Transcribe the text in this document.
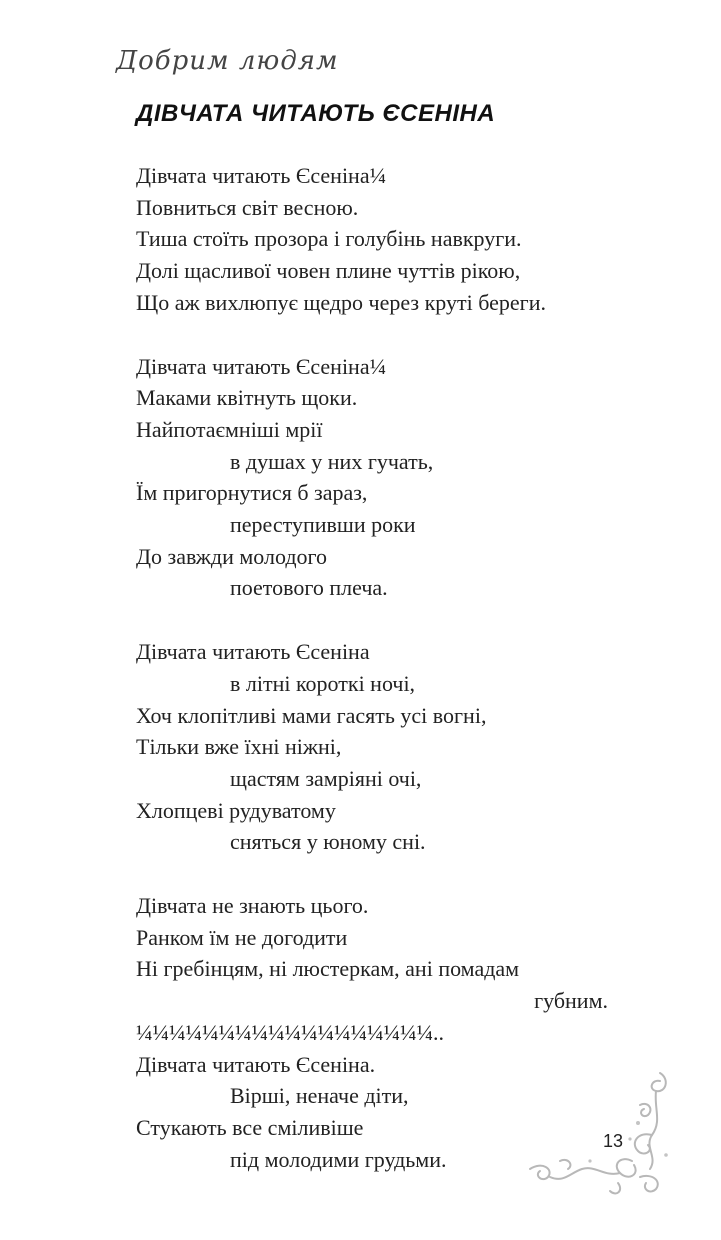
Добрим людям
ДІВЧАТА ЧИТАЮТЬ ЄСЕНІНА
Дівчата читають Єсеніна¼
Повниться світ весною.
Тиша стоїть прозора і голубінь навкруги.
Долі щасливої човен плине чуттів рікою,
Що аж вихлюпує щедро через круті береги.
Дівчата читають Єсеніна¼
Маками квітнуть щоки.
Найпотаємніші мрії
в душах у них гучать,
Їм пригорнутися б зараз,
переступивши роки
До завжди молодого
поетового плеча.
Дівчата читають Єсеніна
в літні короткі ночі,
Хоч клопітливі мами гасять усі вогні,
Тільки вже їхні ніжні,
щастям замріяні очі,
Хлопцеві рудуватому
сняться у юному сні.
Дівчата не знають цього.
Ранком їм не догодити
Ні гребінцям, ні люстеркам, ані помадам
губним.
¼¼¼¼¼¼¼¼¼¼¼¼¼¼¼¼¼¼..
Дівчата читають Єсеніна.
Вірші, неначе діти,
Стукають все сміливіше
під молодими грудьми.
13
